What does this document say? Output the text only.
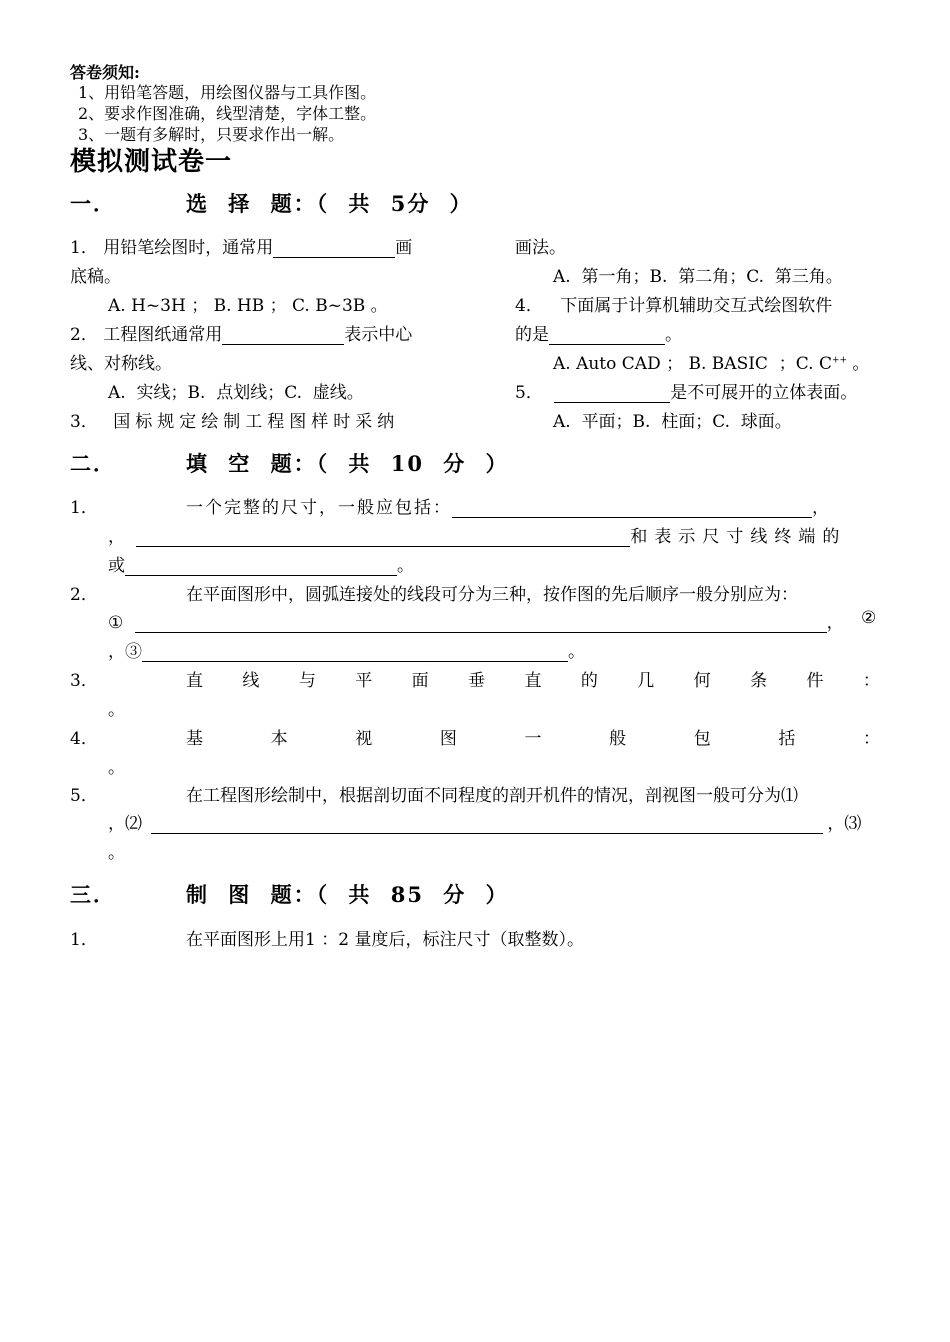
答卷须知:
1、用铅笔答题，用绘图仪器与工具作图。
2、要求作图准确，线型清楚，字体工整。
3、一题有多解时，只要求作出一解。
模拟测试卷一
一．	选 择 题：（ 共 5分 ）
1． 用铅笔绘图时，通常用	画
底稿。
A. H~3H ； B. HB ； C. B~3B 。
2． 工程图纸通常用	表示中心
线、对称线。
A.  实线；B.  点划线；C.  虚线。
3． 国标规定绘制工程图样时采纳
画法。
A.  第一角；B.  第二角；C.  第三角。
4． 下面属于计算机辅助交互式绘图软件
的是	。
A. Auto CAD ； B. BASIC  ；C. C++ 。
5．	是不可展开的立体表面。
A.  平面；B.  柱面；C.  球面。
二．	填 空 题：（ 共 10 分 ）
1．	一个完整的尺寸，一般应包括：	，
，	和表示尺寸线终端的
或	。
2．	在平面图形中，圆弧连接处的线段可分为三种，按作图的先后顺序一般分别应为：
①	， ②
，③	。
3．	直 线 与 平 面 垂 直 的 几 何 条 件 ：
。
4．	基	本	视	图	一	般	包	括	：
。
5．	在工程图形绘制中，根据剖切面不同程度的剖开机件的情况，剖视图一般可分为⑴
，⑵	，⑶
。
三．	制 图 题：（ 共 85 分 ）
1．	在平面图形上用1 ：2 量度后，标注尺寸（取整数）。
